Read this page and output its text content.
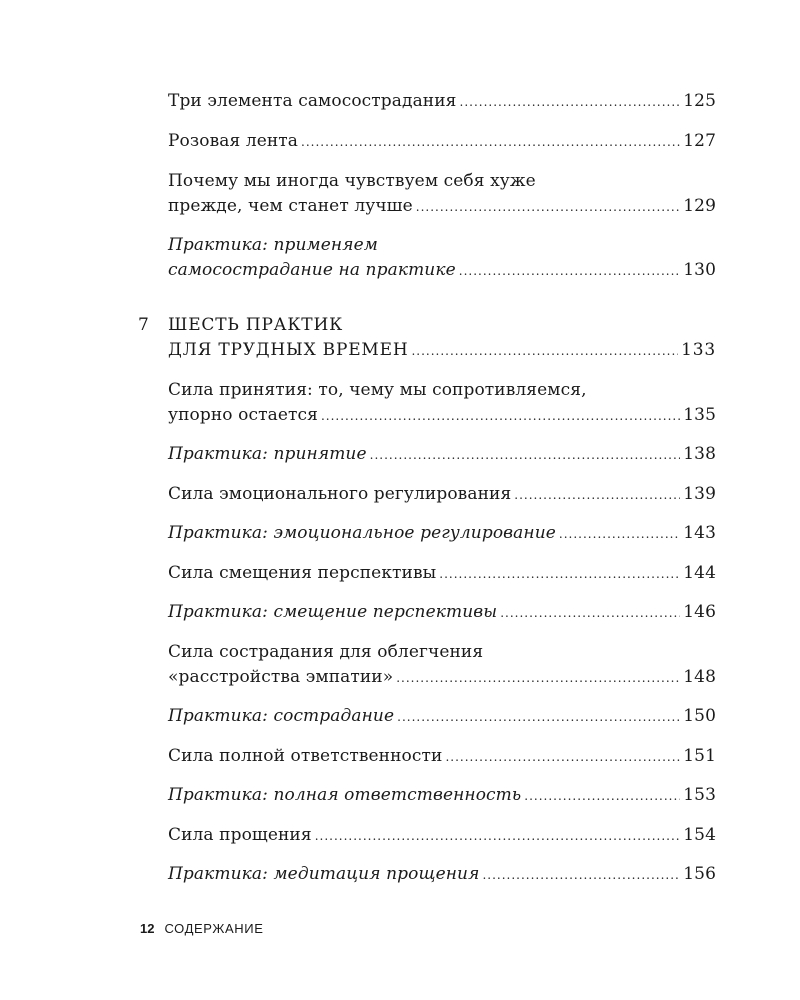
Три элемента самосострадания .....	125
Розовая лента .....	127
Почему мы иногда чувствуем себя хуже
прежде, чем станет лучше .....	129
Практика: применяем
самосострадание на практике .....	130
7 ШЕСТЬ ПРАКТИК
ДЛЯ ТРУДНЫХ ВРЕМЕН .....	133
Сила принятия: то, чему мы сопротивляемся,
упорно остается .....	135
Практика: принятие .....	138
Сила эмоционального регулирования .....	139
Практика: эмоциональное регулирование .....	143
Сила смещения перспективы .....	144
Практика: смещение перспективы .....	146
Сила сострадания для облегчения
«расстройства эмпатии» .....	148
Практика: сострадание .....	150
Сила полной ответственности .....	151
Практика: полная ответственность .....	153
Сила прощения .....	154
Практика: медитация прощения .....	156
12 СОДЕРЖАНИЕ
